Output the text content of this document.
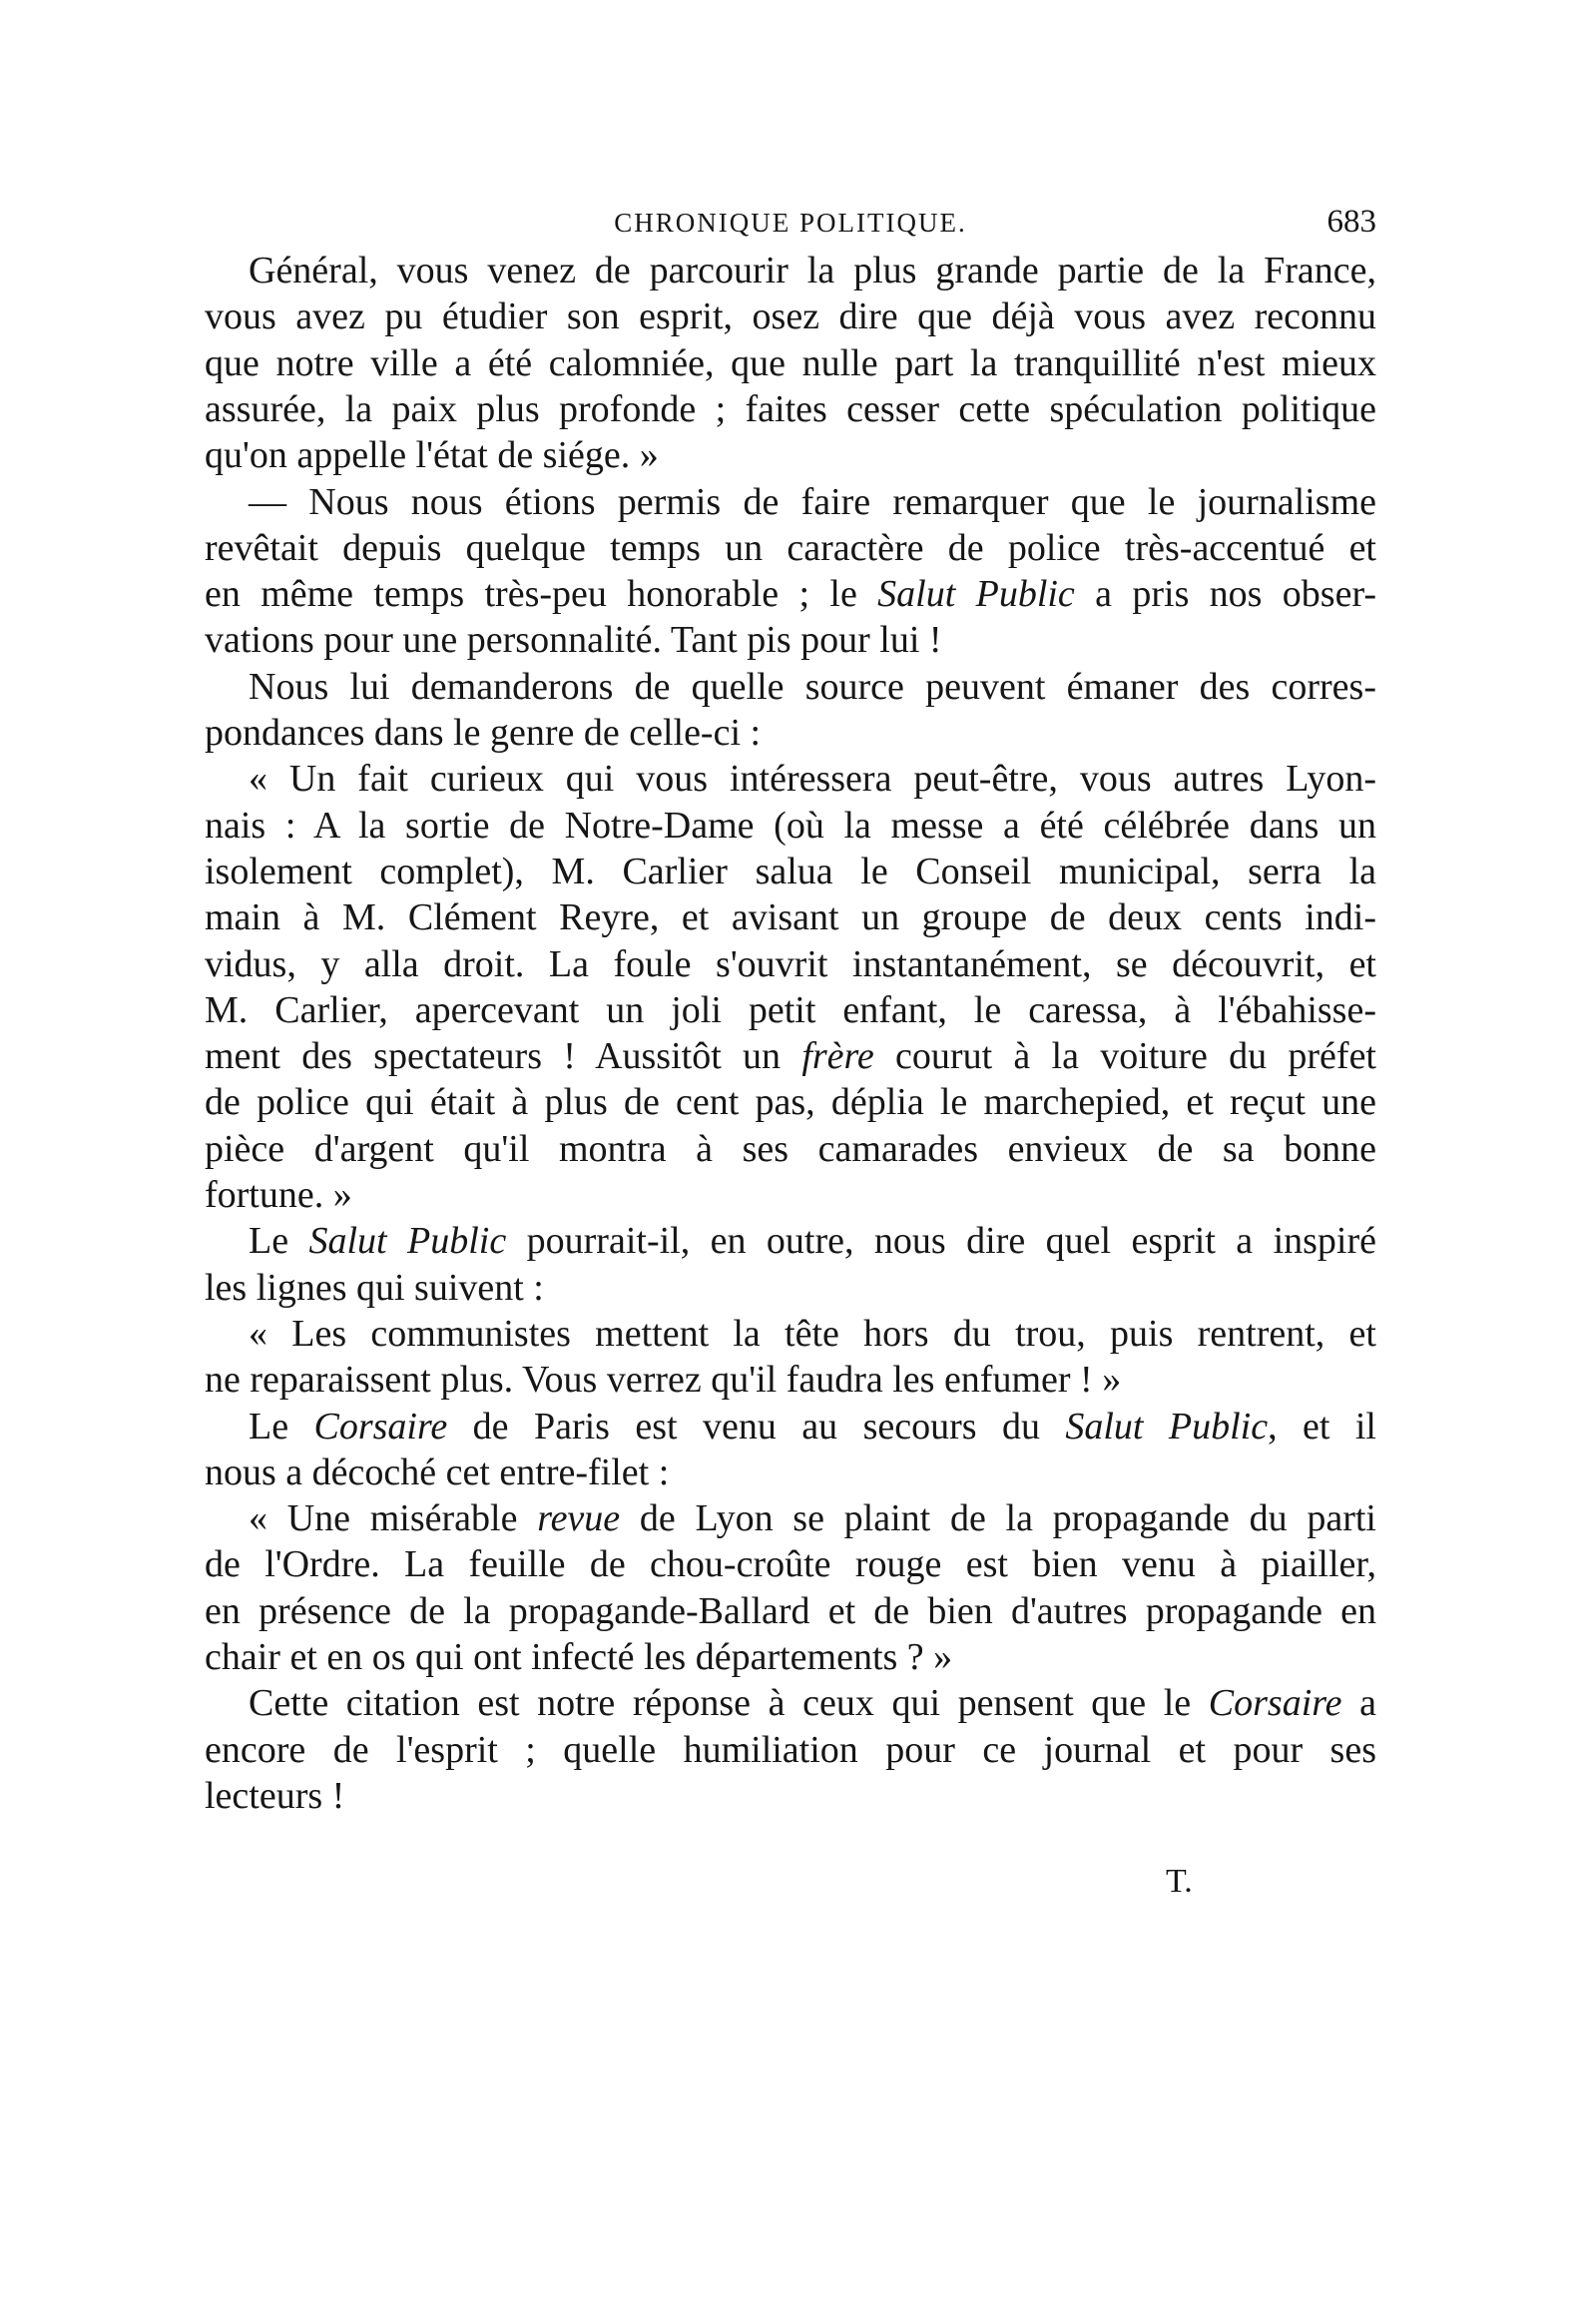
CHRONIQUE POLITIQUE.	683
Général, vous venez de parcourir la plus grande partie de la France,
vous avez pu étudier son esprit, osez dire que déjà vous avez reconnu
que notre ville a été calomniée, que nulle part la tranquillité n'est mieux
assurée, la paix plus profonde ; faites cesser cette spéculation politique
qu'on appelle l'état de siége. »
— Nous nous étions permis de faire remarquer que le journalisme
revêtait depuis quelque temps un caractère de police très-accentué et
en même temps très-peu honorable ; le Salut Public a pris nos obser-
vations pour une personnalité. Tant pis pour lui !
Nous lui demanderons de quelle source peuvent émaner des corres-
pondances dans le genre de celle-ci :
« Un fait curieux qui vous intéressera peut-être, vous autres Lyon-
nais : A la sortie de Notre-Dame (où la messe a été célébrée dans un
isolement complet), M. Carlier salua le Conseil municipal, serra la
main à M. Clément Reyre, et avisant un groupe de deux cents indi-
vidus, y alla droit. La foule s'ouvrit instantanément, se découvrit, et
M. Carlier, apercevant un joli petit enfant, le caressa, à l'ébahisse-
ment des spectateurs ! Aussitôt un frère courut à la voiture du préfet
de police qui était à plus de cent pas, déplia le marchepied, et reçut une
pièce d'argent qu'il montra à ses camarades envieux de sa bonne
fortune. »
Le Salut Public pourrait-il, en outre, nous dire quel esprit a inspiré
les lignes qui suivent :
« Les communistes mettent la tête hors du trou, puis rentrent, et
ne reparaissent plus. Vous verrez qu'il faudra les enfumer ! »
Le Corsaire de Paris est venu au secours du Salut Public, et il
nous a décoché cet entre-filet :
« Une misérable revue de Lyon se plaint de la propagande du parti
de l'Ordre. La feuille de chou-croûte rouge est bien venu à piailler,
en présence de la propagande-Ballard et de bien d'autres propagande en
chair et en os qui ont infecté les départements ? »
Cette citation est notre réponse à ceux qui pensent que le Corsaire a
encore de l'esprit ; quelle humiliation pour ce journal et pour ses
lecteurs !
T.
